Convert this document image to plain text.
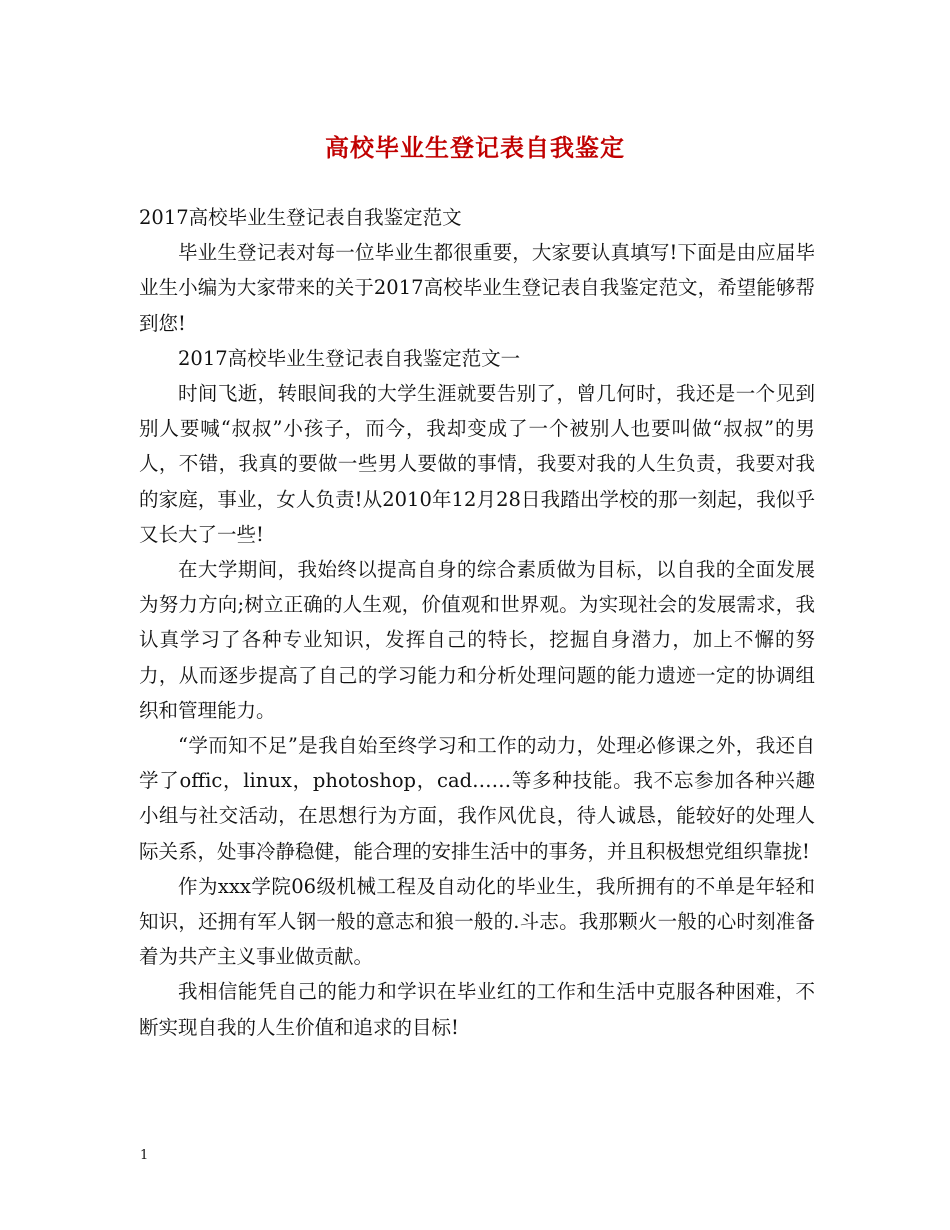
高校毕业生登记表自我鉴定

2017高校毕业生登记表自我鉴定范文

毕业生登记表对每一位毕业生都很重要，大家要认真填写!下面是由应届毕业生小编为大家带来的关于2017高校毕业生登记表自我鉴定范文，希望能够帮到您!

2017高校毕业生登记表自我鉴定范文一

时间飞逝，转眼间我的大学生涯就要告别了，曾几何时，我还是一个见到别人要喊“叔叔”小孩子，而今，我却变成了一个被别人也要叫做“叔叔”的男人，不错，我真的要做一些男人要做的事情，我要对我的人生负责，我要对我的家庭，事业，女人负责!从2010年12月28日我踏出学校的那一刻起，我似乎又长大了一些!

在大学期间，我始终以提高自身的综合素质做为目标，以自我的全面发展为努力方向;树立正确的人生观，价值观和世界观。为实现社会的发展需求，我认真学习了各种专业知识，发挥自己的特长，挖掘自身潜力，加上不懈的努力，从而逐步提高了自己的学习能力和分析处理问题的能力遗迹一定的协调组织和管理能力。

“学而知不足”是我自始至终学习和工作的动力，处理必修课之外，我还自学了offic，linux，photoshop，cad……等多种技能。我不忘参加各种兴趣小组与社交活动，在思想行为方面，我作风优良，待人诚恳，能较好的处理人际关系，处事冷静稳健，能合理的安排生活中的事务，并且积极想党组织靠拢!

作为xxx学院06级机械工程及自动化的毕业生，我所拥有的不单是年轻和知识，还拥有军人钢一般的意志和狼一般的.斗志。我那颗火一般的心时刻准备着为共产主义事业做贡献。

我相信能凭自己的能力和学识在毕业红的工作和生活中克服各种困难，不断实现自我的人生价值和追求的目标!

1
